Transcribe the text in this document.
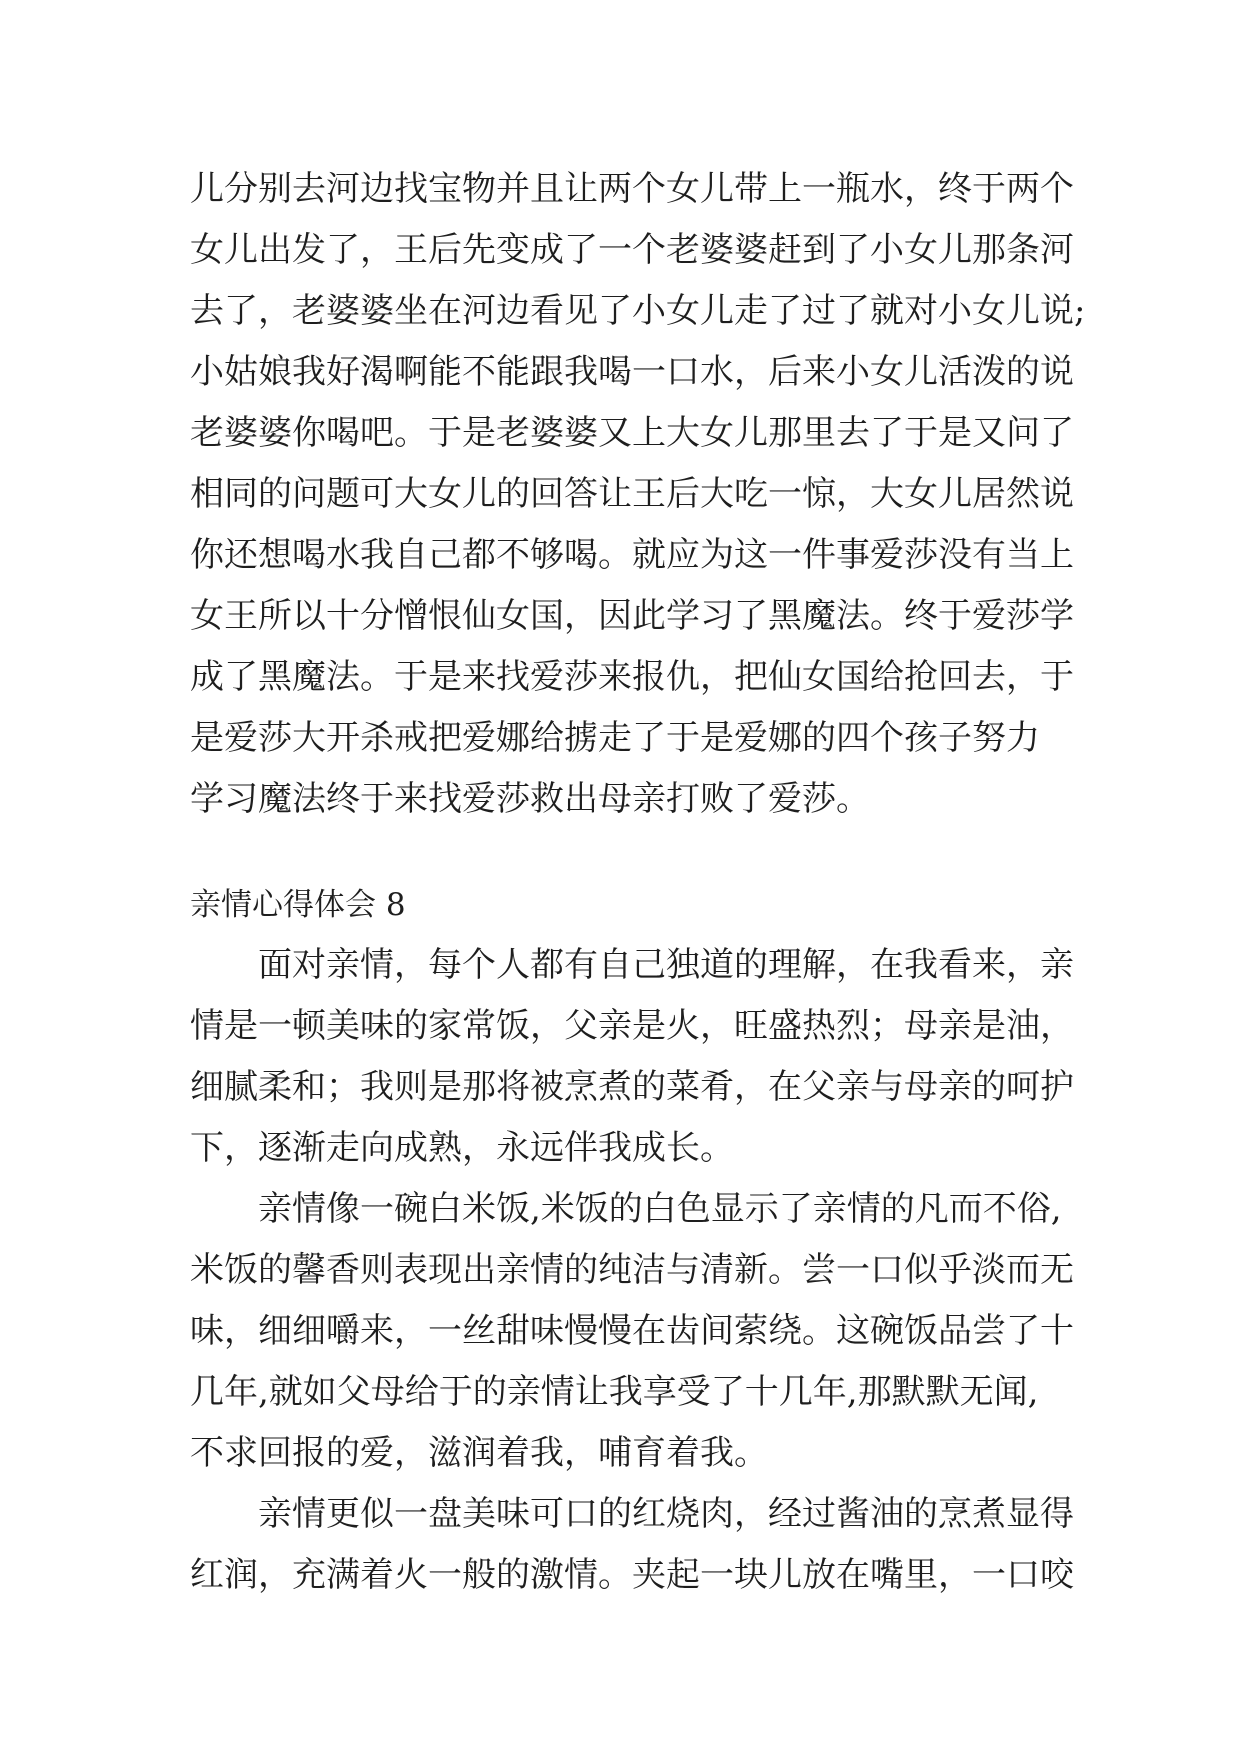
儿分别去河边找宝物并且让两个女儿带上一瓶水，终于两个
女儿出发了，王后先变成了一个老婆婆赶到了小女儿那条河
去了，老婆婆坐在河边看见了小女儿走了过了就对小女儿说;
小姑娘我好渴啊能不能跟我喝一口水，后来小女儿活泼的说
老婆婆你喝吧。于是老婆婆又上大女儿那里去了于是又问了
相同的问题可大女儿的回答让王后大吃一惊，大女儿居然说
你还想喝水我自己都不够喝。就应为这一件事爱莎没有当上
女王所以十分憎恨仙女国，因此学习了黑魔法。终于爱莎学
成了黑魔法。于是来找爱莎来报仇，把仙女国给抢回去，于
是爱莎大开杀戒把爱娜给掳走了于是爱娜的四个孩子努力
学习魔法终于来找爱莎救出母亲打败了爱莎。
亲情心得体会 8
　　面对亲情，每个人都有自己独道的理解，在我看来，亲
情是一顿美味的家常饭，父亲是火，旺盛热烈；母亲是油，
细腻柔和；我则是那将被烹煮的菜肴，在父亲与母亲的呵护
下，逐渐走向成熟，永远伴我成长。
　　亲情像一碗白米饭,米饭的白色显示了亲情的凡而不俗,
米饭的馨香则表现出亲情的纯洁与清新。尝一口似乎淡而无
味，细细嚼来，一丝甜味慢慢在齿间萦绕。这碗饭品尝了十
几年,就如父母给于的亲情让我享受了十几年,那默默无闻,
不求回报的爱，滋润着我，哺育着我。
　　亲情更似一盘美味可口的红烧肉，经过酱油的烹煮显得
红润，充满着火一般的激情。夹起一块儿放在嘴里，一口咬
